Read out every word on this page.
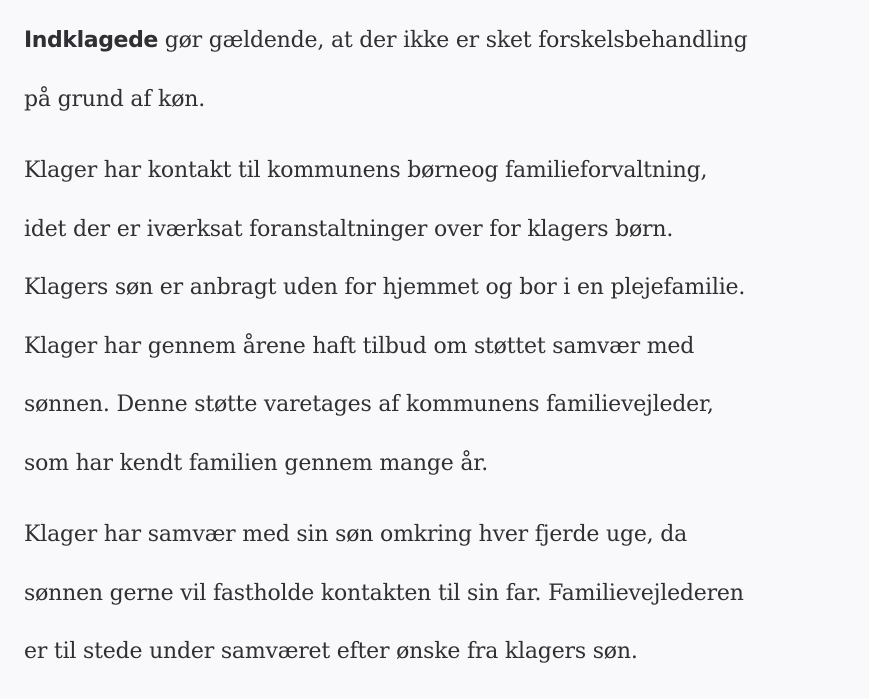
Indklagede gør gældende, at der ikke er sket forskelsbehandling
på grund af køn.

Klager har kontakt til kommunens børneog familieforvaltning,
idet der er iværksat foranstaltninger over for klagers børn.
Klagers søn er anbragt uden for hjemmet og bor i en plejefamilie.
Klager har gennem årene haft tilbud om støttet samvær med
sønnen. Denne støtte varetages af kommunens familievejleder,
som har kendt familien gennem mange år.

Klager har samvær med sin søn omkring hver fjerde uge, da
sønnen gerne vil fastholde kontakten til sin far. Familievejlederen
er til stede under samværet efter ønske fra klagers søn.
